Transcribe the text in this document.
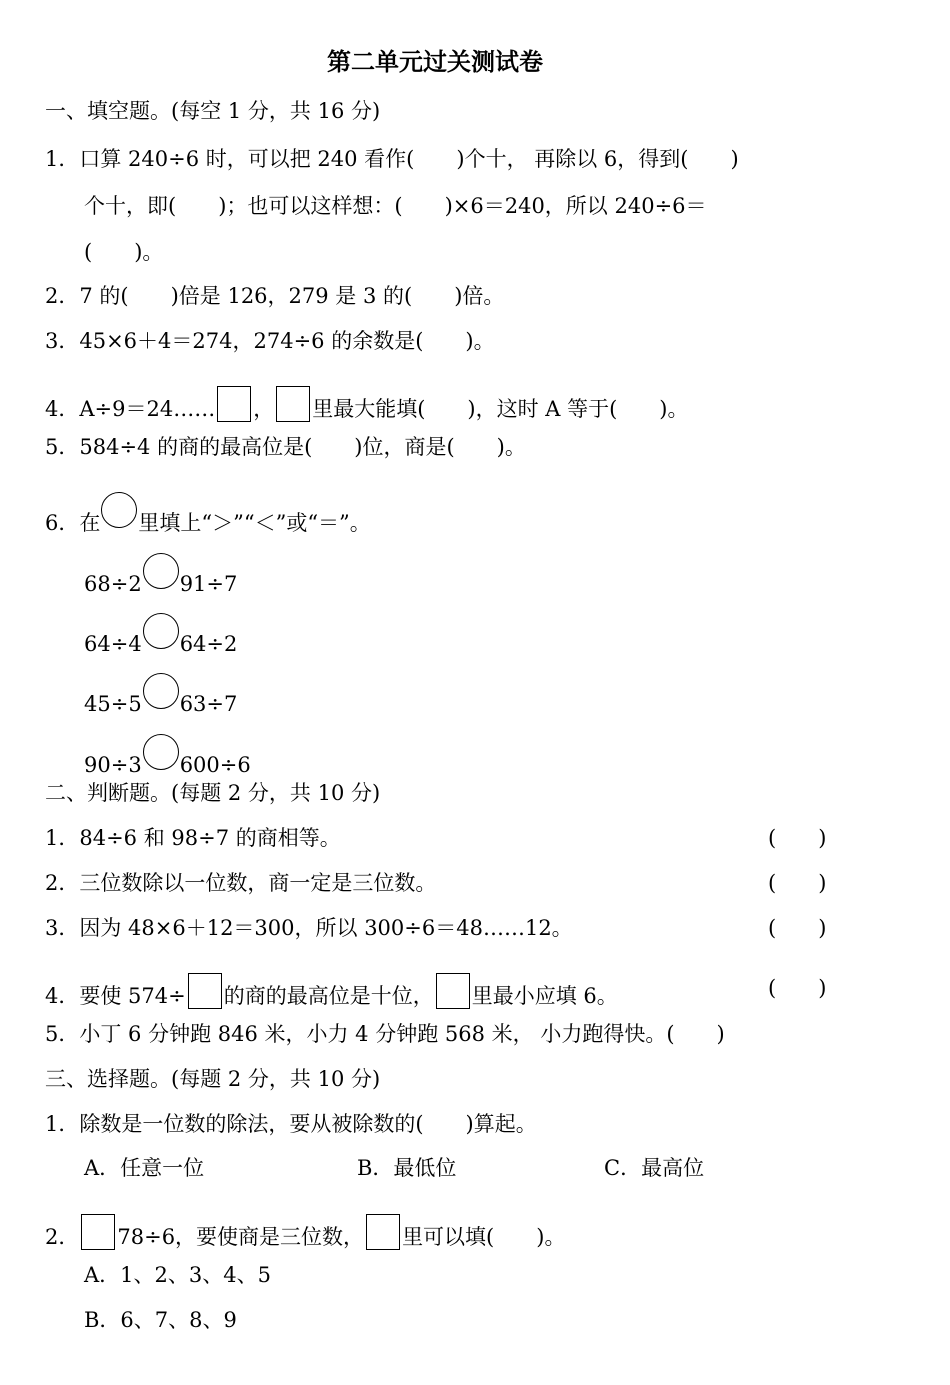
第二单元过关测试卷
一、填空题。(每空 1 分，共 16 分)
1．口算 240÷6 时，可以把 240 看作(　　)个十， 再除以 6，得到(　　)
个十，即(　　)；也可以这样想：(　　)×6＝240，所以 240÷6＝
(　　)。
2．7 的(　　)倍是 126，279 是 3 的(　　)倍。
3．45×6＋4＝274，274÷6 的余数是(　　)。
4．A÷9＝24…… ， 里最大能填(　　)，这时 A 等于(　　)。
5．584÷4 的商的最高位是(　　)位，商是(　　)。
6．在 里填上“＞”“＜”或“＝”。
68÷2 91÷7
64÷4 64÷2
45÷5 63÷7
90÷3 600÷6
二、判断题。(每题 2 分，共 10 分)
1．84÷6 和 98÷7 的商相等。	(　　)
2．三位数除以一位数，商一定是三位数。	(　　)
3．因为 48×6＋12＝300，所以 300÷6＝48……12。	(　　)
4．要使 574÷ 的商的最高位是十位， 里最小应填 6。	(　　)
5．小丁 6 分钟跑 846 米，小力 4 分钟跑 568 米， 小力跑得快。(　　)
三、选择题。(每题 2 分，共 10 分)
1．除数是一位数的除法，要从被除数的(　　)算起。
A．任意一位	B．最低位	C．最高位
2． 78÷6，要使商是三位数， 里可以填(　　)。
A．1、2、3、4、5
B．6、7、8、9
